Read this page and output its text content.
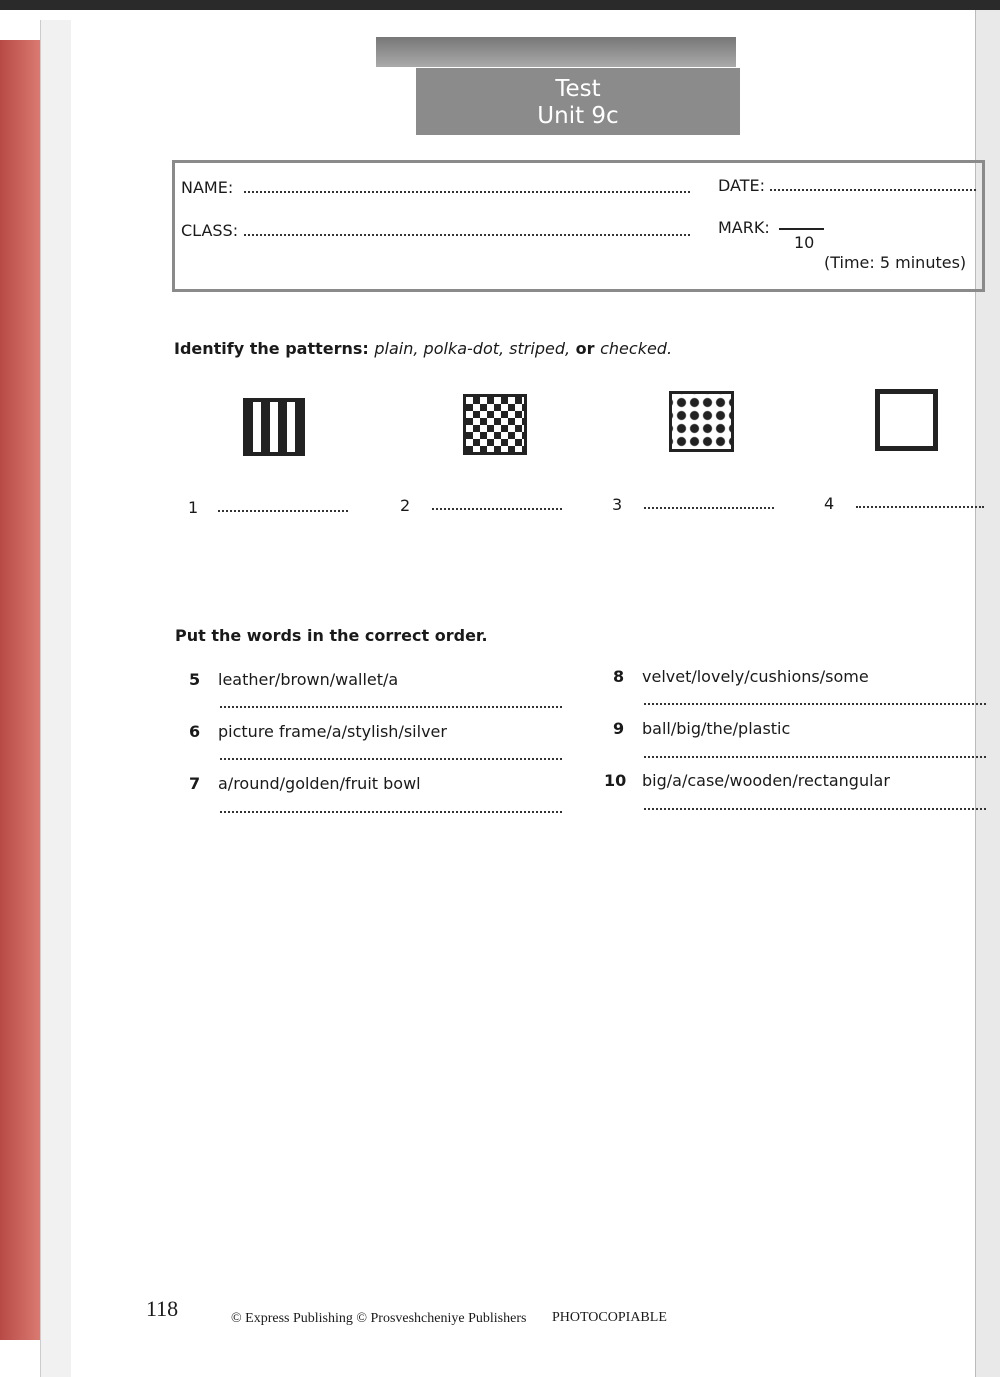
Test
Unit 9c
NAME:	DATE:
CLASS:	MARK:
10
(Time: 5 minutes)
Identify the patterns: plain, polka-dot, striped, or checked.
1	2	3	4
Put the words in the correct order.
5 leather/brown/wallet/a
6 picture frame/a/stylish/silver
7 a/round/golden/fruit bowl
8 velvet/lovely/cushions/some
9 ball/big/the/plastic
10 big/a/case/wooden/rectangular
118	© Express Publishing © Prosveshcheniye Publishers PHOTOCOPIABLE
